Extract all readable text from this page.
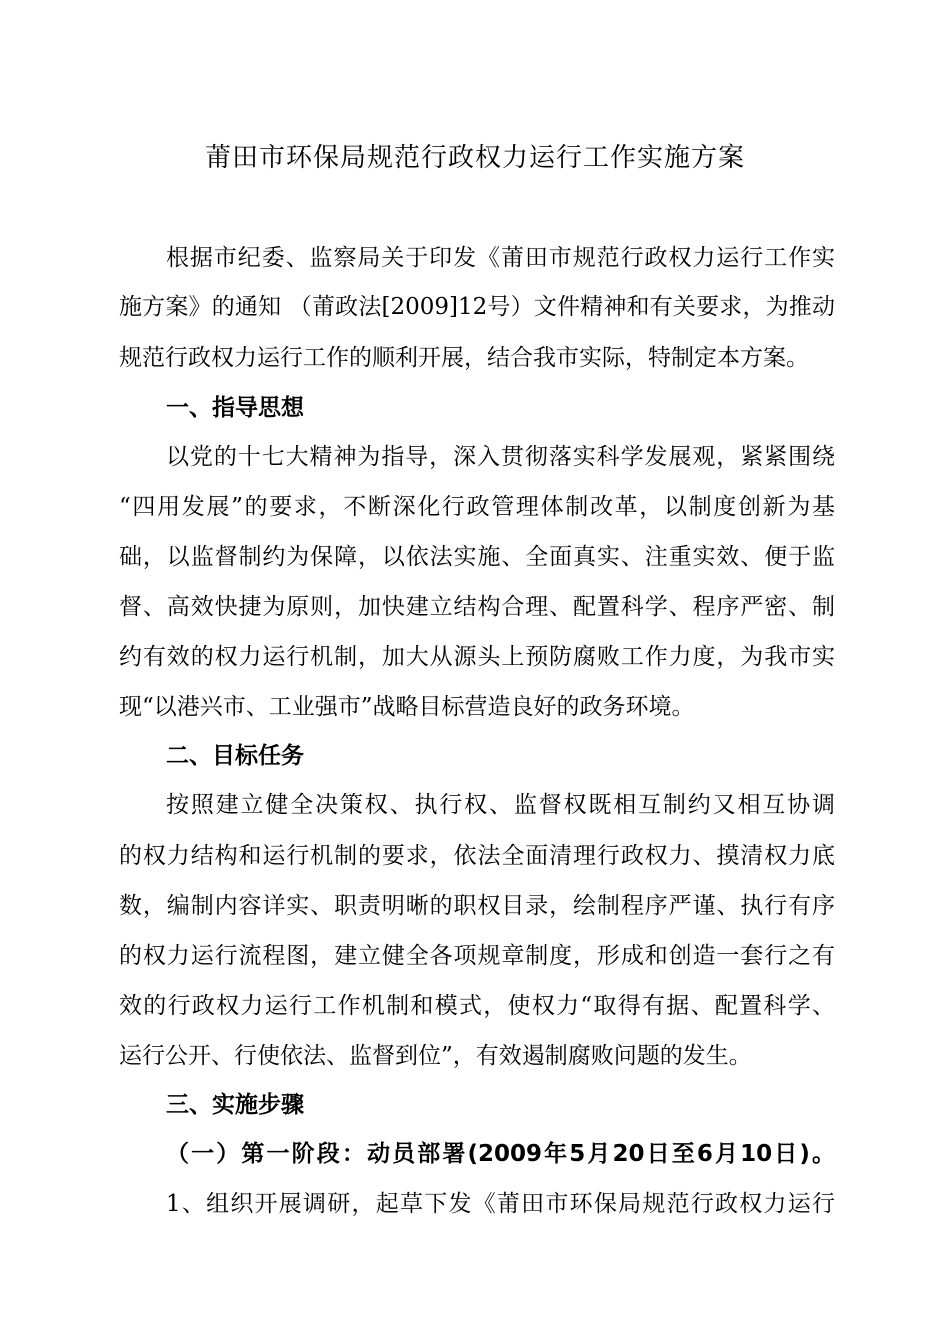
莆田市环保局规范行政权力运行工作实施方案
根据市纪委、监察局关于印发《莆田市规范行政权力运行工作实
施方案》的通知 （莆政法[2009]12号）文件精神和有关要求，为推动
规范行政权力运行工作的顺利开展，结合我市实际，特制定本方案。
一、指导思想
以党的十七大精神为指导，深入贯彻落实科学发展观，紧紧围绕
“四用发展”的要求，不断深化行政管理体制改革，以制度创新为基
础，以监督制约为保障，以依法实施、全面真实、注重实效、便于监
督、高效快捷为原则，加快建立结构合理、配置科学、程序严密、制
约有效的权力运行机制，加大从源头上预防腐败工作力度，为我市实
现“以港兴市、工业强市”战略目标营造良好的政务环境。
二、目标任务
按照建立健全决策权、执行权、监督权既相互制约又相互协调
的权力结构和运行机制的要求，依法全面清理行政权力、摸清权力底
数，编制内容详实、职责明晰的职权目录，绘制程序严谨、执行有序
的权力运行流程图，建立健全各项规章制度，形成和创造一套行之有
效的行政权力运行工作机制和模式，使权力“取得有据、配置科学、
运行公开、行使依法、监督到位”，有效遏制腐败问题的发生。
三、实施步骤
（一）第一阶段：动员部署(2009年5月20日至6月10日)。
1、组织开展调研，起草下发《莆田市环保局规范行政权力运行
